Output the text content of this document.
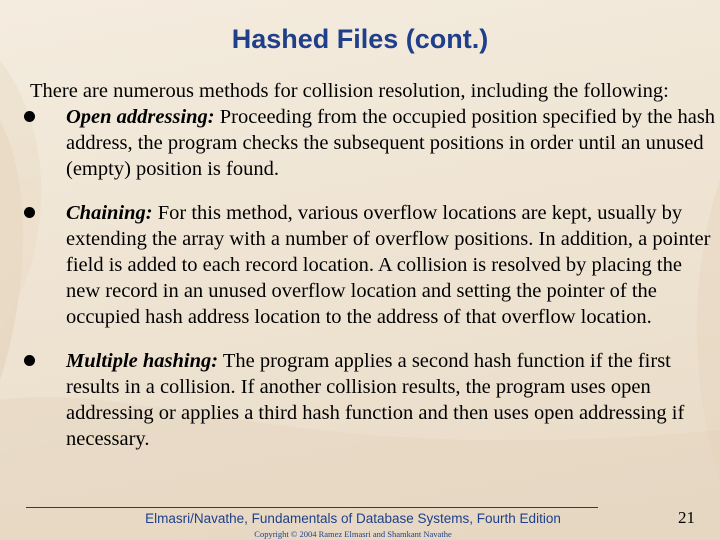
Hashed Files (cont.)

There are numerous methods for collision resolution, including the following:

Open addressing: Proceeding from the occupied position specified by the hash address, the program checks the subsequent positions in order until an unused (empty) position is found.
Chaining: For this method, various overflow locations are kept, usually by extending the array with a number of overflow positions. In addition, a pointer field is added to each record location. A collision is resolved by placing the new record in an unused overflow location and setting the pointer of the occupied hash address location to the address of that overflow location.
Multiple hashing: The program applies a second hash function if the first results in a collision. If another collision results, the program uses open addressing or applies a third hash function and then uses open addressing if necessary.
Elmasri/Navathe, Fundamentals of Database Systems, Fourth Edition
Copyright © 2004 Ramez Elmasri and Shamkant Navathe
21
